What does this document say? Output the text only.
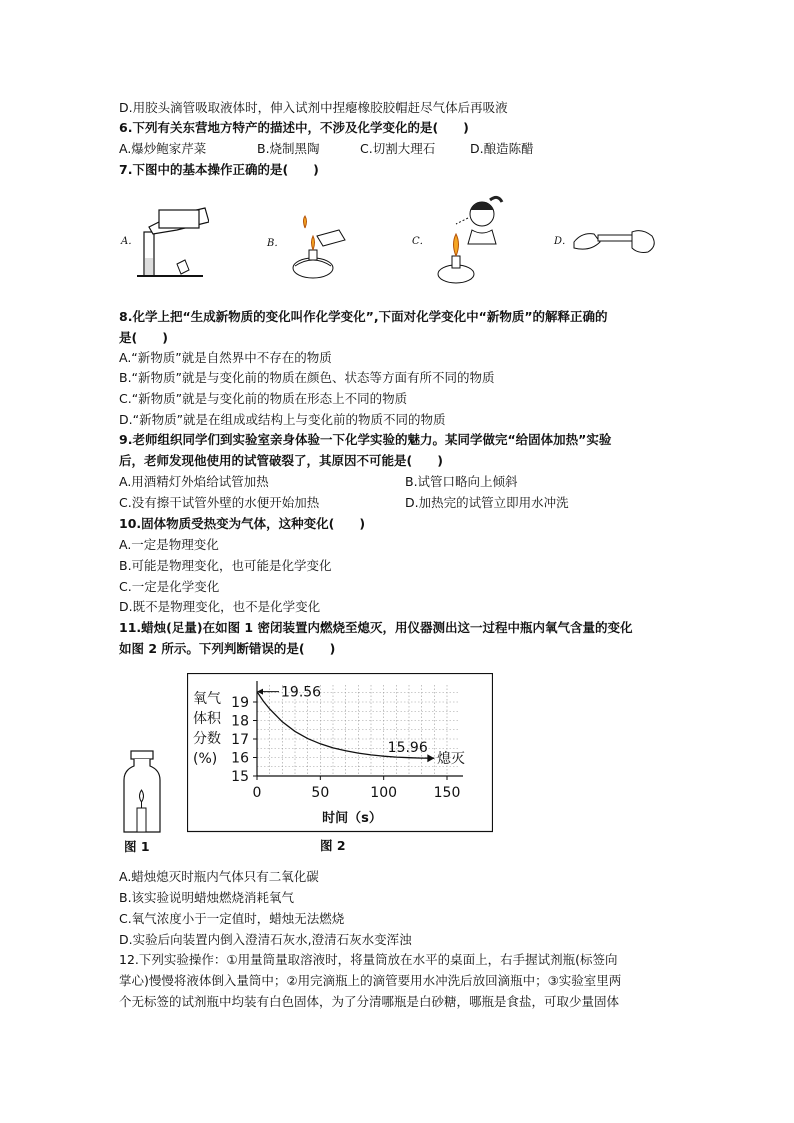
D.用胶头滴管吸取液体时，伸入试剂中捏瘪橡胶胶帽赶尽气体后再吸液
6.下列有关东营地方特产的描述中，不涉及化学变化的是(　　)
A.爆炒鲍家芹菜	B.烧制黑陶	C.切割大理石	D.酿造陈醋
7.下图中的基本操作正确的是(　　)
A．	B．	C．	D．
8.化学上把“生成新物质的变化叫作化学变化”,下面对化学变化中“新物质”的解释正确的
是(　　)
A.“新物质”就是自然界中不存在的物质
B.“新物质”就是与变化前的物质在颜色、状态等方面有所不同的物质
C.“新物质”就是与变化前的物质在形态上不同的物质
D.“新物质”就是在组成或结构上与变化前的物质不同的物质
9.老师组织同学们到实验室亲身体验一下化学实验的魅力。某同学做完“给固体加热”实验
后，老师发现他使用的试管破裂了，其原因不可能是(　　)
A.用酒精灯外焰给试管加热	B.试管口略向上倾斜
C.没有擦干试管外壁的水便开始加热	D.加热完的试管立即用水冲洗
10.固体物质受热变为气体，这种变化(　　)
A.一定是物理变化
B.可能是物理变化，也可能是化学变化
C.一定是化学变化
D.既不是物理变化，也不是化学变化
11.蜡烛(足量)在如图 1 密闭装置内燃烧至熄灭，用仪器测出这一过程中瓶内氧气含量的变化
如图 2 所示。下列判断错误的是(　　)
图 1
氧气
体积
分数
(%)
15
16
17
18
19
0	50	100	150
时间（s）
19.56
15.96
熄灭
图 2
A.蜡烛熄灭时瓶内气体只有二氧化碳
B.该实验说明蜡烛燃烧消耗氧气
C.氧气浓度小于一定值时，蜡烛无法燃烧
D.实验后向装置内倒入澄清石灰水,澄清石灰水变浑浊
12.下列实验操作：①用量筒量取溶液时，将量筒放在水平的桌面上，右手握试剂瓶(标签向
掌心)慢慢将液体倒入量筒中；②用完滴瓶上的滴管要用水冲洗后放回滴瓶中；③实验室里两
个无标签的试剂瓶中均装有白色固体，为了分清哪瓶是白砂糖，哪瓶是食盐，可取少量固体
